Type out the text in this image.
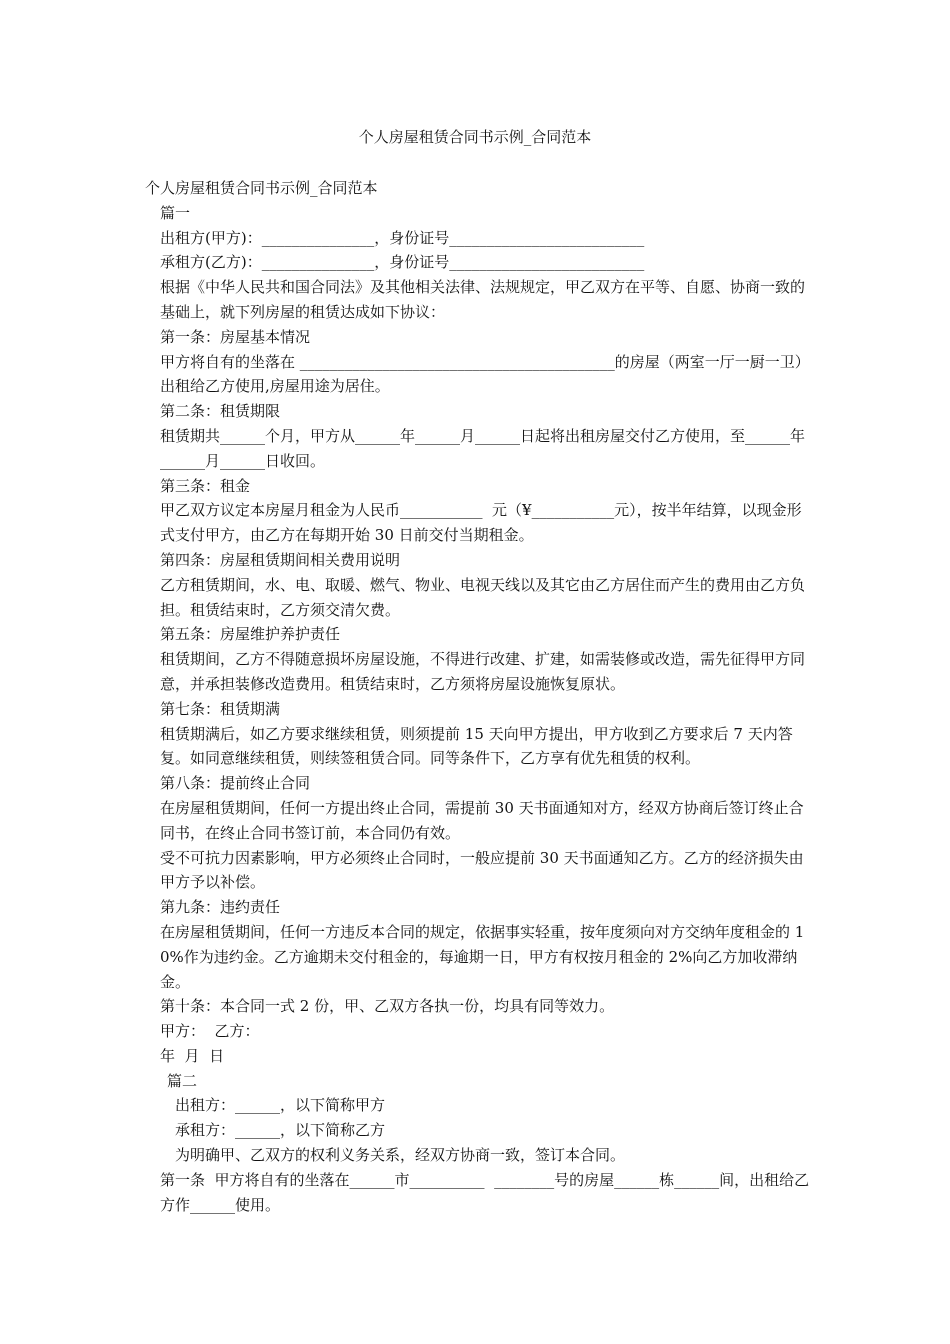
个人房屋租赁合同书示例_合同范本

个人房屋租赁合同书示例_合同范本

篇一

出租方(甲方)：_______________，身份证号__________________________

承租方(乙方)：_______________，身份证号__________________________

根据《中华人民共和国合同法》及其他相关法律、法规规定，甲乙双方在平等、自愿、协商一致的基础上，就下列房屋的租赁达成如下协议：

第一条：房屋基本情况

甲方将自有的坐落在 __________________________________________的房屋（两室一厅一厨一卫）出租给乙方使用,房屋用途为居住。

第二条：租赁期限

租赁期共______个月，甲方从______年______月______日起将出租房屋交付乙方使用，至______年______月______日收回。

第三条：租金

甲乙双方议定本房屋月租金为人民币___________  元（¥___________元），按半年结算，以现金形式支付甲方，由乙方在每期开始 30 日前交付当期租金。

第四条：房屋租赁期间相关费用说明

乙方租赁期间，水、电、取暖、燃气、物业、电视天线以及其它由乙方居住而产生的费用由乙方负担。租赁结束时，乙方须交清欠费。

第五条：房屋维护养护责任

租赁期间，乙方不得随意损坏房屋设施，不得进行改建、扩建，如需装修或改造，需先征得甲方同意，并承担装修改造费用。租赁结束时，乙方须将房屋设施恢复原状。

第七条：租赁期满

租赁期满后，如乙方要求继续租赁，则须提前 15 天向甲方提出，甲方收到乙方要求后 7 天内答复。如同意继续租赁，则续签租赁合同。同等条件下，乙方享有优先租赁的权利。

第八条：提前终止合同

在房屋租赁期间，任何一方提出终止合同，需提前 30 天书面通知对方，经双方协商后签订终止合同书，在终止合同书签订前，本合同仍有效。

受不可抗力因素影响，甲方必须终止合同时，一般应提前 30 天书面通知乙方。乙方的经济损失由甲方予以补偿。

第九条：违约责任

在房屋租赁期间，任何一方违反本合同的规定，依据事实轻重，按年度须向对方交纳年度租金的 10%作为违约金。乙方逾期未交付租金的，每逾期一日，甲方有权按月租金的 2%向乙方加收滞纳金。

第十条：本合同一式 2 份，甲、乙双方各执一份，均具有同等效力。

甲方：  乙方：

年  月  日

篇二

出租方：______，以下简称甲方

承租方：______，以下简称乙方

为明确甲、乙双方的权利义务关系，经双方协商一致，签订本合同。

第一条  甲方将自有的坐落在______市__________  ________号的房屋______栋______间，出租给乙方作______使用。
